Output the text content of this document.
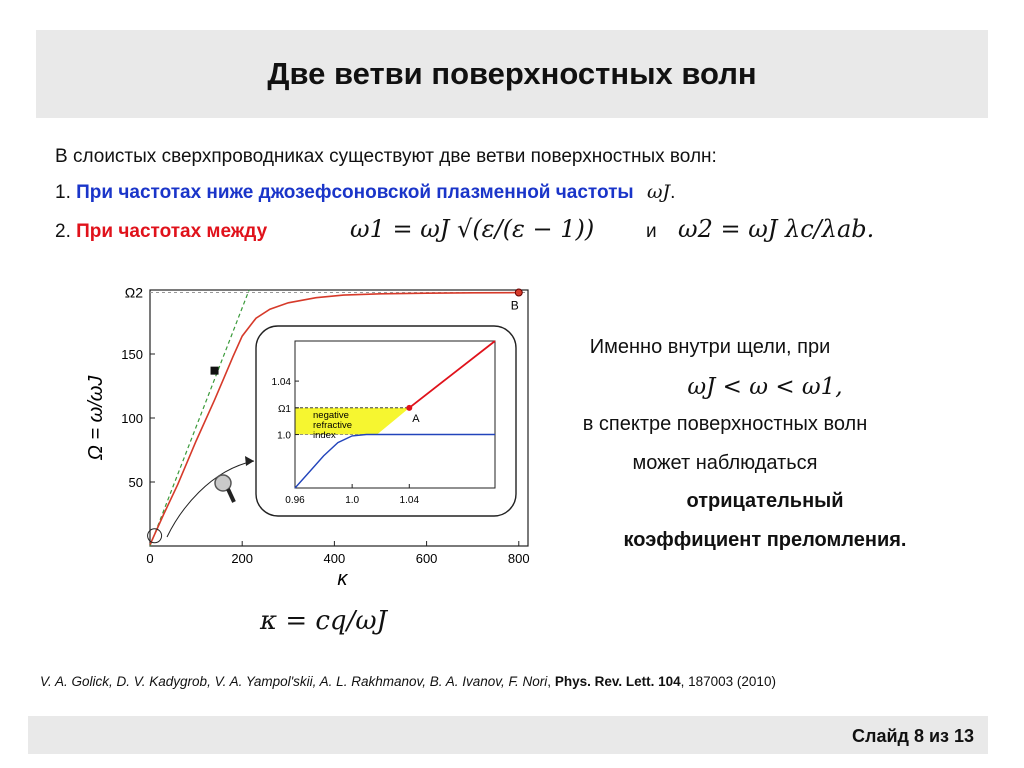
Две ветви поверхностных волн
В слоистых сверхпроводниках существуют две ветви поверхностных волн:
1. При частотах ниже джозефсоновской плазменной частоты ωJ.
2. При частотах между	ω1 = ωJ √(ε/(ε − 1))	и ω2 = ωJ λc/λab.
0	200	400	600	800
50
100
150
Ω2
B
κ
Ω = ω/ωJ
0.96	1.0	1.04
1.04
Ω1
1.0
negative
refractive
index
A
κ = cq/ωJ
Именно внутри щели, при
ωJ < ω < ω1,
в спектре поверхностных волн
может наблюдаться
отрицательный
коэффициент преломления.
V. A. Golick, D. V. Kadygrob, V. A. Yampol'skii, A. L. Rakhmanov, B. A. Ivanov, F. Nori, Phys. Rev. Lett. 104, 187003 (2010)
Слайд 8 из 13
